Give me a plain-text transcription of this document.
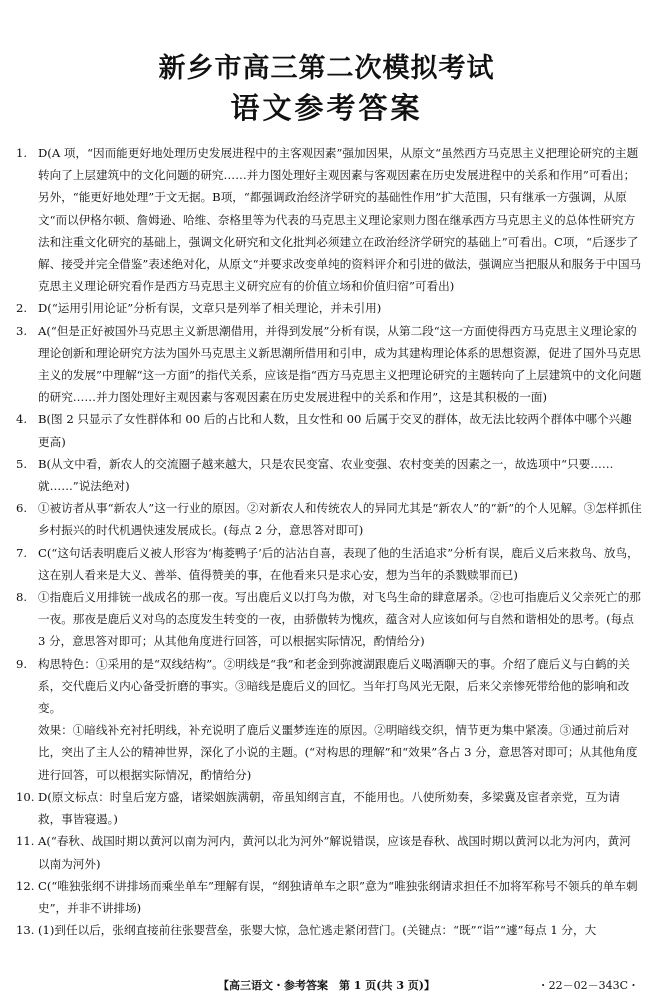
新乡市高三第二次模拟考试
语文参考答案
1. D(A 项，“因而能更好地处理历史发展进程中的主客观因素”强加因果，从原文“虽然西方马克思主义把理论研究的主题转向了上层建筑中的文化问题的研究……并力图处理好主观因素与客观因素在历史发展进程中的关系和作用”可看出；另外，“能更好地处理”于文无据。B项，“都强调政治经济学研究的基础性作用”扩大范围，只有继承一方强调，从原文“而以伊格尔顿、詹姆逊、哈维、奈格里等为代表的马克思主义理论家则力图在继承西方马克思主义的总体性研究方法和注重文化研究的基础上，强调文化研究和文化批判必须建立在政治经济学研究的基础上”可看出。C项，“后逐步了解、接受并完全借鉴”表述绝对化，从原文“并要求改变单纯的资料评介和引进的做法，强调应当把服从和服务于中国马克思主义理论研究看作是西方马克思主义研究应有的价值立场和价值归宿”可看出)

2. D(“运用引用论证”分析有误，文章只是列举了相关理论，并未引用)

3. A(“但是正好被国外马克思主义新思潮借用，并得到发展”分析有误，从第二段“这一方面使得西方马克思主义理论家的理论创新和理论研究方法为国外马克思主义新思潮所借用和引申，成为其建构理论体系的思想资源，促进了国外马克思主义的发展”中理解“这一方面”的指代关系，应该是指“西方马克思主义把理论研究的主题转向了上层建筑中的文化问题的研究……并力图处理好主观因素与客观因素在历史发展进程中的关系和作用”，这是其积极的一面)

4. B(图 2 只显示了女性群体和 00 后的占比和人数，且女性和 00 后属于交叉的群体，故无法比较两个群体中哪个兴趣更高)

5. B(从文中看，新农人的交流圈子越来越大，只是农民变富、农业变强、农村变美的因素之一，故选项中“只要……就……”说法绝对)

6. ①被访者从事“新农人”这一行业的原因。②对新农人和传统农人的异同尤其是“新农人”的“新”的个人见解。③怎样抓住乡村振兴的时代机遇快速发展成长。(每点 2 分，意思答对即可)

7. C(“这句话表明鹿后义被人形容为‘梅菱鸭子’后的沾沾自喜，表现了他的生活追求”分析有误，鹿后义后来救鸟、放鸟，这在别人看来是大义、善举、值得赞美的事，在他看来只是求心安，想为当年的杀戮赎罪而已)

8. ①指鹿后义用排铳一战成名的那一夜。写出鹿后义以打鸟为傲，对飞鸟生命的肆意屠杀。②也可指鹿后义父亲死亡的那一夜。那夜是鹿后义对鸟的态度发生转变的一夜，由骄傲转为愧疚，蕴含对人应该如何与自然和谐相处的思考。(每点 3 分，意思答对即可；从其他角度进行回答，可以根据实际情况，酌情给分)

9. 构思特色：①采用的是“双线结构”。②明线是“我”和老金到弥渡湖跟鹿后义喝酒聊天的事。介绍了鹿后义与白鹤的关系，交代鹿后义内心备受折磨的事实。③暗线是鹿后义的回忆。当年打鸟风光无限，后来父亲惨死带给他的影响和改变。

效果：①暗线补充衬托明线，补充说明了鹿后义噩梦连连的原因。②明暗线交织，情节更为集中紧凑。③通过前后对比，突出了主人公的精神世界，深化了小说的主题。(“对构思的理解”和“效果”各占 3 分，意思答对即可；从其他角度进行回答，可以根据实际情况，酌情给分)

10. D(原文标点：时皇后宠方盛，诸梁姻族满朝，帝虽知纲言直，不能用也。八使所劾奏，多梁冀及宦者亲党，互为请救，事皆寝遏。)

11. A(“春秋、战国时期以黄河以南为河内，黄河以北为河外”解说错误，应该是春秋、战国时期以黄河以北为河内，黄河以南为河外)

12. C(“唯独张纲不讲排场而乘坐单车”理解有误，“纲独请单车之职”意为“唯独张纲请求担任不加将军称号不领兵的单车刺史”，并非不讲排场)

13. (1)到任以后，张纲直接前往张婴营垒，张婴大惊，急忙逃走紧闭营门。(关键点：“既”“诣”“遽”每点 1 分，大

【高三语文・参考答案　第 1 页(共 3 页)】	・22－02－343C・
